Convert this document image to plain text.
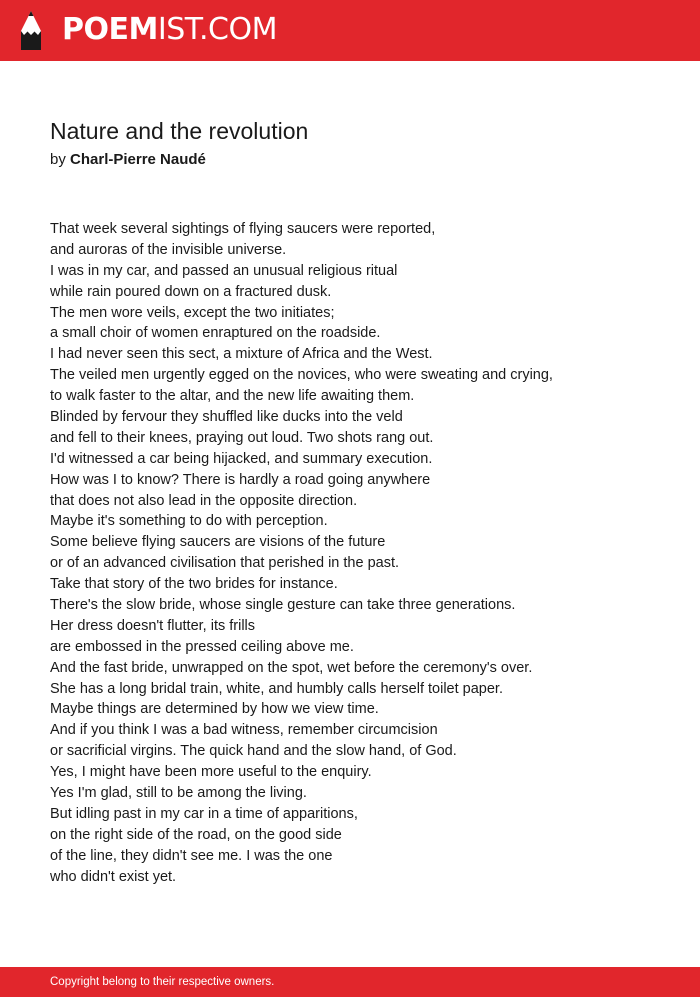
POEMIST.COM
Nature and the revolution
by Charl-Pierre Naudé
That week several sightings of flying saucers were reported,
and auroras of the invisible universe.
I was in my car, and passed an unusual religious ritual
while rain poured down on a fractured dusk.
The men wore veils, except the two initiates;
a small choir of women enraptured on the roadside.
I had never seen this sect, a mixture of Africa and the West.
The veiled men urgently egged on the novices, who were sweating and crying,
to walk faster to the altar, and the new life awaiting them.
Blinded by fervour they shuffled like ducks into the veld
and fell to their knees, praying out loud. Two shots rang out.
I'd witnessed a car being hijacked, and summary execution.
How was I to know? There is hardly a road going anywhere
that does not also lead in the opposite direction.
Maybe it's something to do with perception.
Some believe flying saucers are visions of the future
or of an advanced civilisation that perished in the past.
Take that story of the two brides for instance.
There's the slow bride, whose single gesture can take three generations.
Her dress doesn't flutter, its frills
are embossed in the pressed ceiling above me.
And the fast bride, unwrapped on the spot, wet before the ceremony's over.
She has a long bridal train, white, and humbly calls herself toilet paper.
Maybe things are determined by how we view time.
And if you think I was a bad witness, remember circumcision
or sacrificial virgins. The quick hand and the slow hand, of God.
Yes, I might have been more useful to the enquiry.
Yes I'm glad, still to be among the living.
But idling past in my car in a time of apparitions,
on the right side of the road, on the good side
of the line, they didn't see me. I was the one
who didn't exist yet.
Copyright belong to their respective owners.
